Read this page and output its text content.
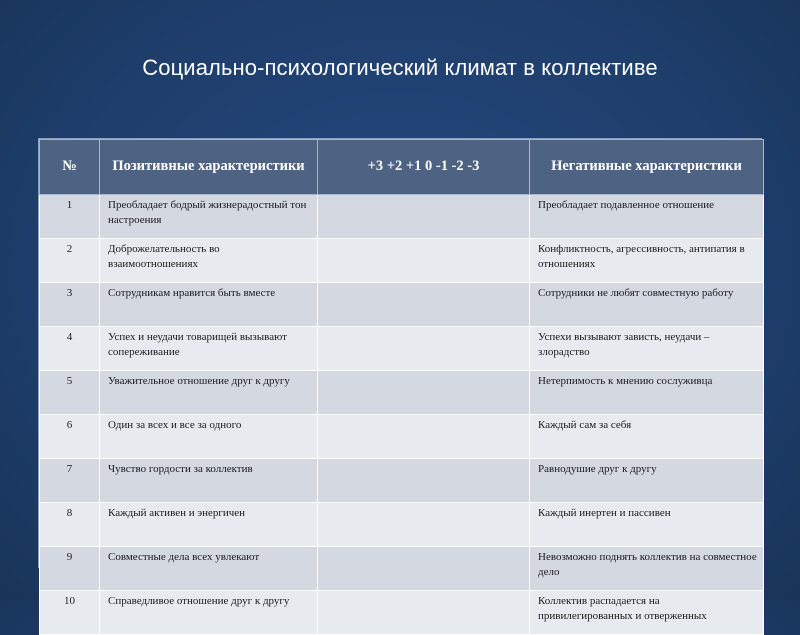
Социально-психологический климат в коллективе
№	Позитивные характеристики	+3 +2 +1 0 -1 -2 -3	Негативные характеристики
1	Преобладает бодрый жизнерадостный тон настроения		Преобладает подавленное отношение
2	Доброжелательность во взаимоотношениях		Конфликтность, агрессивность, антипатия в отношениях
3	Сотрудникам нравится быть вместе		Сотрудники не любят совместную работу
4	Успех и неудачи товарищей вызывают сопереживание		Успехи вызывают зависть, неудачи – злорадство
5	Уважительное отношение друг к другу		Нетерпимость к мнению сослуживца
6	Один за всех и все за одного		Каждый сам за себя
7	Чувство гордости за коллектив		Равнодушие друг к другу
8	Каждый активен и энергичен		Каждый инертен и пассивен
9	Совместные дела всех увлекают		Невозможно поднять коллектив на совместное дело
10	Справедливое отношение друг к другу		Коллектив распадается на привилегированных и отверженных
